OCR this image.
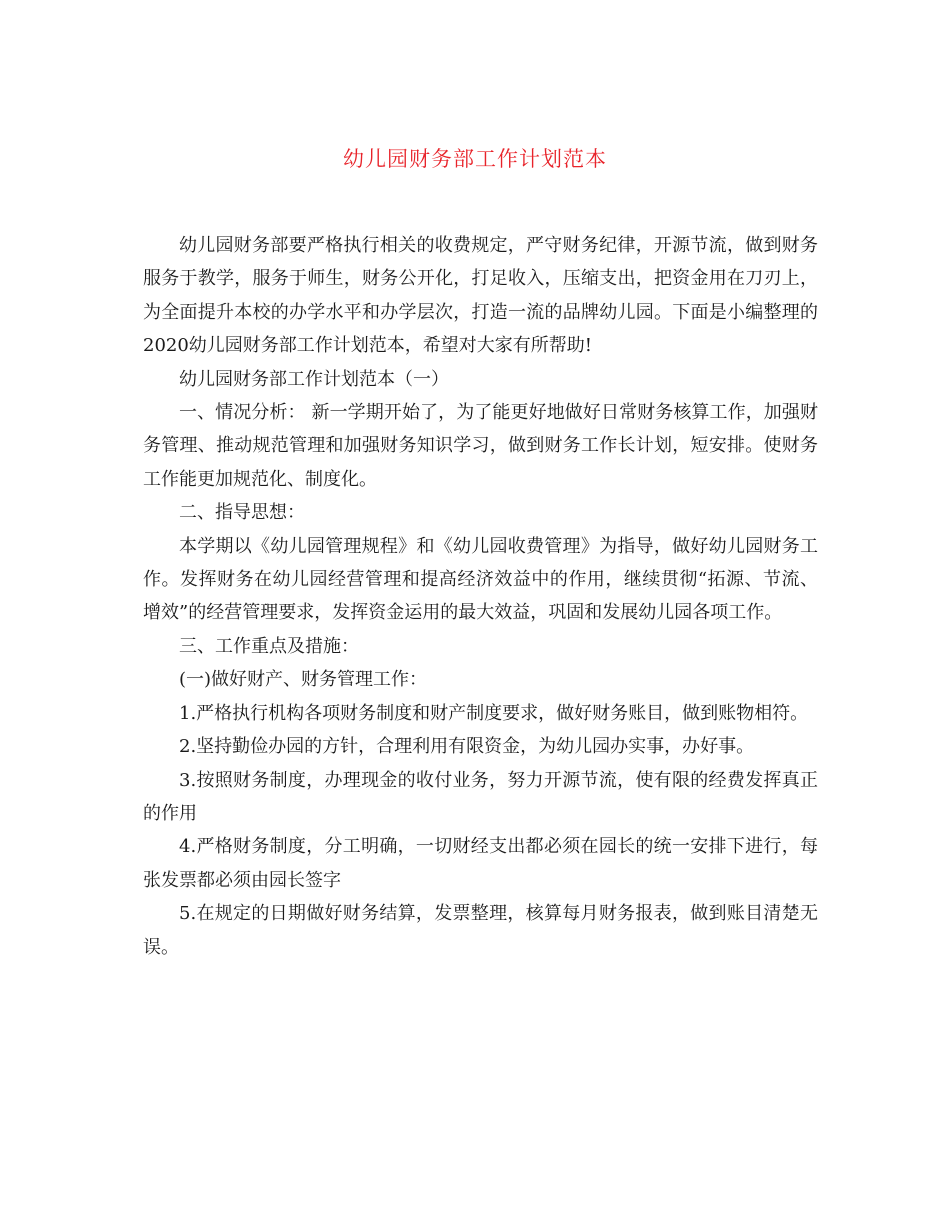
幼儿园财务部工作计划范本

幼儿园财务部要严格执行相关的收费规定，严守财务纪律，开源节流，做到财务服务于教学，服务于师生，财务公开化，打足收入，压缩支出，把资金用在刀刃上，为全面提升本校的办学水平和办学层次，打造一流的品牌幼儿园。下面是小编整理的2020幼儿园财务部工作计划范本，希望对大家有所帮助!

幼儿园财务部工作计划范本（一）

一、情况分析： 新一学期开始了，为了能更好地做好日常财务核算工作，加强财务管理、推动规范管理和加强财务知识学习，做到财务工作长计划，短安排。使财务工作能更加规范化、制度化。

二、指导思想：

本学期以《幼儿园管理规程》和《幼儿园收费管理》为指导，做好幼儿园财务工作。发挥财务在幼儿园经营管理和提高经济效益中的作用，继续贯彻“拓源、节流、增效”的经营管理要求，发挥资金运用的最大效益，巩固和发展幼儿园各项工作。

三、工作重点及措施：

(一)做好财产、财务管理工作：

1.严格执行机构各项财务制度和财产制度要求，做好财务账目，做到账物相符。

2.坚持勤俭办园的方针，合理利用有限资金，为幼儿园办实事，办好事。

3.按照财务制度，办理现金的收付业务，努力开源节流，使有限的经费发挥真正的作用

4.严格财务制度，分工明确，一切财经支出都必须在园长的统一安排下进行，每张发票都必须由园长签字

5.在规定的日期做好财务结算，发票整理，核算每月财务报表，做到账目清楚无误。
